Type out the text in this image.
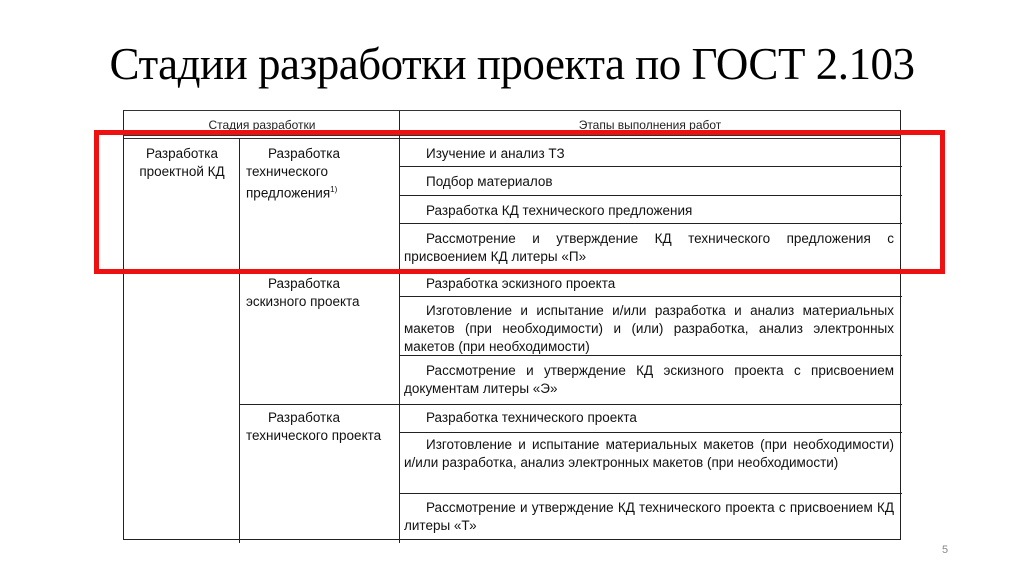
Стадии разработки проекта по ГОСТ 2.103
Стадия разработки	Этапы выполнения работ
Разработка проектной КД
Разработка технического предложения$^{1)}$
Изучение и анализ ТЗ
Подбор материалов
Разработка КД технического предложения
Рассмотрение и утверждение КД технического предложения с присвоением КД литеры «П»
Разработка эскизного проекта
Разработка эскизного проекта
Изготовление и испытание и/или разработка и анализ материальных макетов (при необходимости) и (или) разработка, анализ электронных макетов (при необходимости)
Рассмотрение и утверждение КД эскизного проекта с присвоением документам литеры «Э»
Разработка технического проекта
Разработка технического проекта
Изготовление и испытание материальных макетов (при необходимости) и/или разработка, анализ электронных макетов (при необходимости)
Рассмотрение и утверждение КД технического проекта с присвоением КД литеры «Т»
5
